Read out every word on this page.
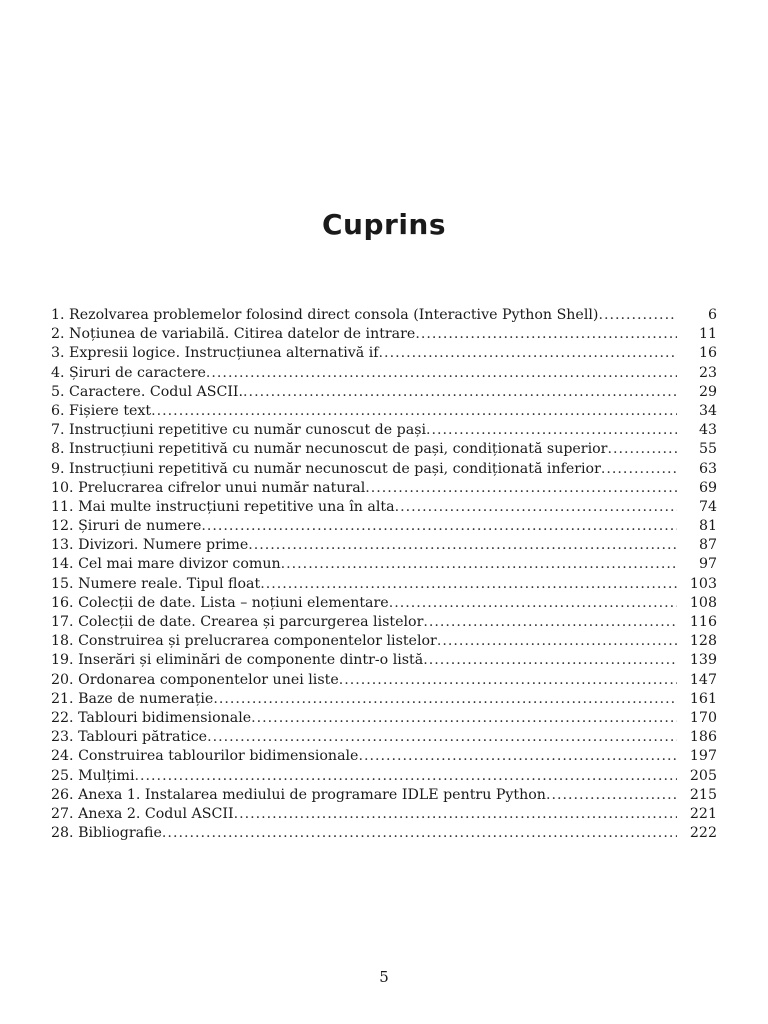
Cuprins
1. Rezolvarea problemelor folosind direct consola (Interactive Python Shell) .....	6
2. Noțiunea de variabilă. Citirea datelor de intrare .....	11
3. Expresii logice. Instrucțiunea alternativă if .....	16
4. Șiruri de caractere .....	23
5. Caractere. Codul ASCII. .....	29
6. Fișiere text .....	34
7. Instrucțiuni repetitive cu număr cunoscut de pași .....	43
8. Instrucțiuni repetitivă cu număr necunoscut de pași, condiționată superior .....	55
9. Instrucțiuni repetitivă cu număr necunoscut de pași, condiționată inferior .....	63
10. Prelucrarea cifrelor unui număr natural .....	69
11. Mai multe instrucțiuni repetitive una în alta .....	74
12. Șiruri de numere .....	81
13. Divizori. Numere prime .....	87
14. Cel mai mare divizor comun .....	97
15. Numere reale. Tipul float .....	103
16. Colecții de date. Lista – noțiuni elementare .....	108
17. Colecții de date. Crearea și parcurgerea listelor .....	116
18. Construirea și prelucrarea componentelor listelor .....	128
19. Inserări și eliminări de componente dintr-o listă .....	139
20. Ordonarea componentelor unei liste .....	147
21. Baze de numerație .....	161
22. Tablouri bidimensionale .....	170
23. Tablouri pătratice .....	186
24. Construirea tablourilor bidimensionale .....	197
25. Mulțimi .....	205
26. Anexa 1. Instalarea mediului de programare IDLE pentru Python .....	215
27. Anexa 2. Codul ASCII .....	221
28. Bibliografie .....	222
5
